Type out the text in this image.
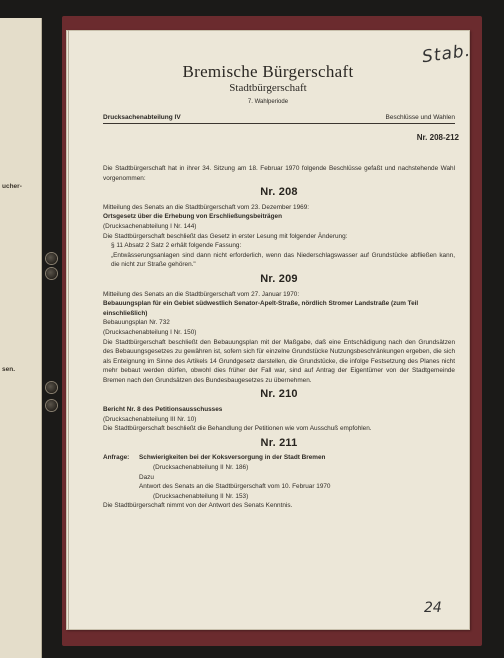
ucher-
sen.
Stab.
Bremische Bürgerschaft
Stadtbürgerschaft
7. Wahlperiode
Drucksachenabteilung IV	Beschlüsse und Wahlen
Nr. 208-212

Die Stadtbürgerschaft hat in ihrer 34. Sitzung am 18. Februar 1970 folgende Beschlüsse gefaßt und nachstehende Wahl vorgenommen:

Nr. 208

Mitteilung des Senats an die Stadtbürgerschaft vom 23. Dezember 1969:

Ortsgesetz über die Erhebung von Erschließungsbeiträgen

(Drucksachenabteilung I Nr. 144)

Die Stadtbürgerschaft beschließt das Gesetz in erster Lesung mit folgender Änderung:

§ 11 Absatz 2 Satz 2 erhält folgende Fassung:

„Entwässerungsanlagen sind dann nicht erforderlich, wenn das Niederschlagswasser auf Grundstücke abfließen kann, die nicht zur Straße gehören."

Nr. 209

Mitteilung des Senats an die Stadtbürgerschaft vom 27. Januar 1970:

Bebauungsplan für ein Gebiet südwestlich Senator-Apelt-Straße, nördlich Stromer Landstraße (zum Teil einschließlich)

Bebauungsplan Nr. 732

(Drucksachenabteilung I Nr. 150)

Die Stadtbürgerschaft beschließt den Bebauungsplan mit der Maßgabe, daß eine Entschädigung nach den Grundsätzen des Bebauungsgesetzes zu gewähren ist, sofern sich für einzelne Grundstücke Nutzungsbeschränkungen ergeben, die sich als Enteignung im Sinne des Artikels 14 Grundgesetz darstellen, die Grundstücke, die infolge Festsetzung des Planes nicht mehr bebaut werden dürfen, obwohl dies früher der Fall war, sind auf Antrag der Eigentümer von der Stadtgemeinde Bremen nach den Grundsätzen des Bundesbaugesetzes zu übernehmen.

Nr. 210

Bericht Nr. 8 des Petitionsausschusses

(Drucksachenabteilung III Nr. 10)

Die Stadtbürgerschaft beschließt die Behandlung der Petitionen wie vom Ausschuß empfohlen.

Nr. 211
Anfrage:	Schwierigkeiten bei der Koksversorgung in der Stadt Bremen

(Drucksachenabteilung II Nr. 186)

Dazu

Antwort des Senats an die Stadtbürgerschaft vom 10. Februar 1970

(Drucksachenabteilung II Nr. 153)

Die Stadtbürgerschaft nimmt von der Antwort des Senats Kenntnis.

24
